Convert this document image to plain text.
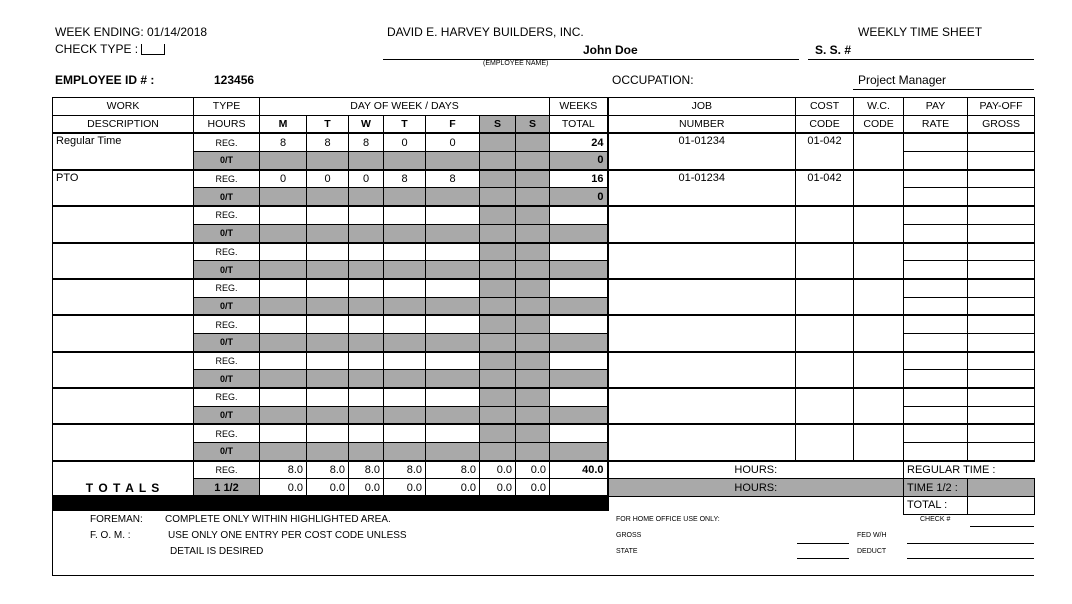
WEEK ENDING: 01/14/2018
CHECK TYPE :
DAVID E. HARVEY BUILDERS, INC.	WEEKLY TIME SHEET
John Doe
(EMPLOYEE NAME)
S. S. #
EMPLOYEE ID # :	123456	OCCUPATION:	Project Manager
WORK	TYPE	DAY OF WEEK / DAYS							WEEKS	JOB	COST	W.C.	PAY	PAY-OFF
DESCRIPTION	HOURS	M	T	W	T	F	S	S	TOTAL	NUMBER	CODE	CODE	RATE	GROSS
Regular Time	REG.	8	8	8	0	0			24	01-01234	01-042			
	0/T								0					
PTO	REG.	0	0	0	8	8			16	01-01234	01-042			
	0/T								0					
	REG.													
	0/T													
	REG.													
	0/T													
	REG.													
	0/T													
	REG.													
	0/T													
	REG.													
	0/T													
	REG.													
	0/T													
	REG.													
	0/T													
T O T A L S	REG.	8.0	8.0	8.0	8.0	8.0	0.0	0.0	40.0	HOURS:			REGULAR TIME :	
	1 1/2	0.0	0.0	0.0	0.0	0.0	0.0	0.0		HOURS:			TIME 1/2 :	
													TOTAL :	
FOREMAN:
F. O. M. :
COMPLETE ONLY WITHIN HIGHLIGHTED AREA.
USE ONLY ONE ENTRY PER COST CODE UNLESS
DETAIL IS DESIRED
FOR HOME OFFICE USE ONLY:
GROSS
STATE
FED W/H
DEDUCT
CHECK #
